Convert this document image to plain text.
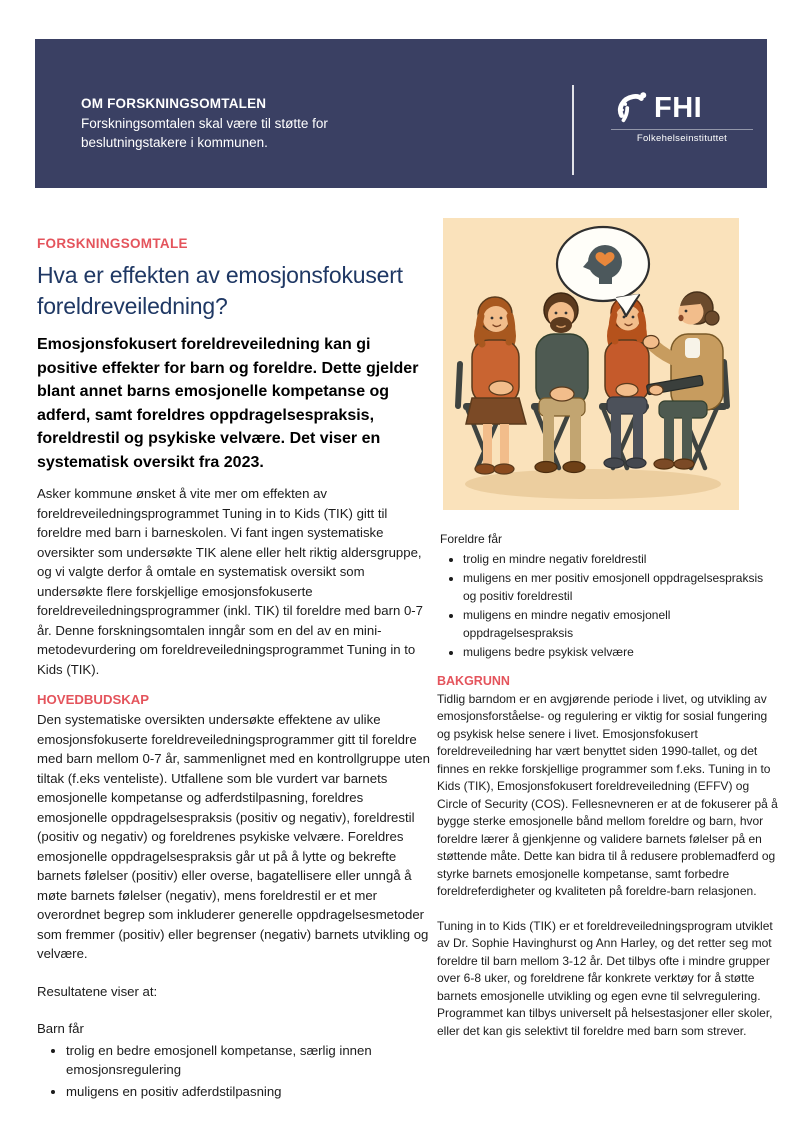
OM FORSKNINGSOMTALEN
Forskningsomtalen skal være til støtte for beslutningstakere i kommunen.
FHI
Folkehelseinstituttet
FORSKNINGSOMTALE
Hva er effekten av emosjonsfokusert foreldreveiledning?

Emosjonsfokusert foreldreveiledning kan gi positive effekter for barn og foreldre. Dette gjelder blant annet barns emosjonelle kompetanse og adferd, samt foreldres oppdragelsespraksis, foreldrestil og psykiske velvære. Det viser en systematisk oversikt fra 2023.

Asker kommune ønsket å vite mer om effekten av foreldreveiledningsprogrammet Tuning in to Kids (TIK) gitt til foreldre med barn i barneskolen. Vi fant ingen systematiske oversikter som undersøkte TIK alene eller helt riktig aldersgruppe, og vi valgte derfor å omtale en systematisk oversikt som undersøkte flere forskjellige emosjonsfokuserte foreldreveiledningsprogrammer (inkl. TIK) til foreldre med barn 0-7 år. Denne forskningsomtalen inngår som en del av en mini-metodevurdering om foreldreveiledningsprogrammet Tuning in to Kids (TIK).

HOVEDBUDSKAP

Den systematiske oversikten undersøkte effektene av ulike emosjonsfokuserte foreldreveiledningsprogrammer gitt til foreldre med barn mellom 0-7 år, sammenlignet med en kontrollgruppe uten tiltak (f.eks venteliste). Utfallene som ble vurdert var barnets emosjonelle kompetanse og adferdstilpasning, foreldres emosjonelle oppdragelsespraksis (positiv og negativ), foreldrestil (positiv og negativ) og foreldrenes psykiske velvære. Foreldres emosjonelle oppdragelsespraksis går ut på å lytte og bekrefte barnets følelser (positiv) eller overse, bagatellisere eller unngå å møte barnets følelser (negativ), mens foreldrestil er et mer overordnet begrep som inkluderer generelle oppdragelsesmetoder som fremmer (positiv) eller begrenser (negativ) barnets utvikling og velvære.

Resultatene viser at:
Barn får
• trolig en bedre emosjonell kompetanse, særlig innen emosjonsregulering
• muligens en positiv adferdstilpasning
Foreldre får
• trolig en mindre negativ foreldrestil
• muligens en mer positiv emosjonell oppdragelsespraksis og positiv foreldrestil
• muligens en mindre negativ emosjonell oppdragelsespraksis
• muligens bedre psykisk velvære
BAKGRUNN

Tidlig barndom er en avgjørende periode i livet, og utvikling av emosjonsforståelse- og regulering er viktig for sosial fungering og psykisk helse senere i livet. Emosjonsfokusert foreldreveiledning har vært benyttet siden 1990-tallet, og det finnes en rekke forskjellige programmer som f.eks. Tuning in to Kids (TIK), Emosjonsfokusert foreldreveiledning (EFFV) og Circle of Security (COS). Fellesnevneren er at de fokuserer på å bygge sterke emosjonelle bånd mellom foreldre og barn, hvor foreldre lærer å gjenkjenne og validere barnets følelser på en støttende måte. Dette kan bidra til å redusere problemadferd og styrke barnets emosjonelle kompetanse, samt forbedre foreldreferdigheter og kvaliteten på foreldre-barn relasjonen.

Tuning in to Kids (TIK) er et foreldreveiledningsprogram utviklet av Dr. Sophie Havinghurst og Ann Harley, og det retter seg mot foreldre til barn mellom 3-12 år. Det tilbys ofte i mindre grupper over 6-8 uker, og foreldrene får konkrete verktøy for å støtte barnets emosjonelle utvikling og egen evne til selvregulering. Programmet kan tilbys universelt på helsestasjoner eller skoler, eller det kan gis selektivt til foreldre med barn som strever.
